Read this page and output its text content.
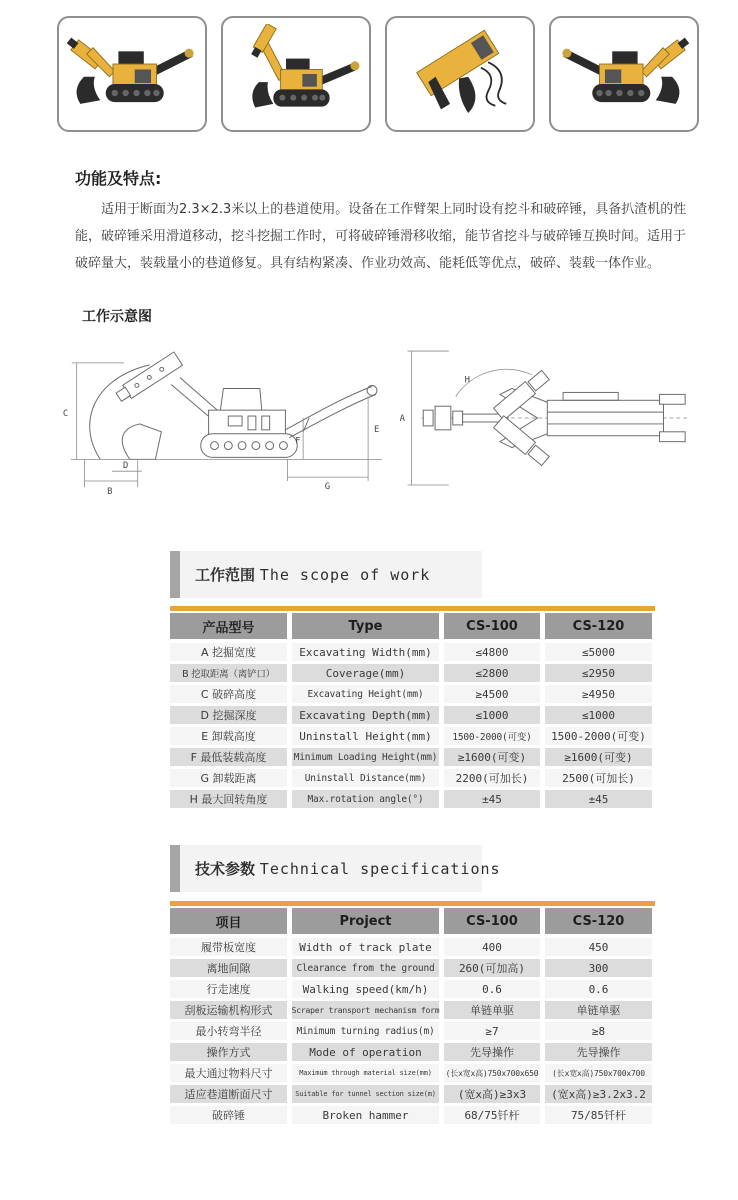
功能及特点:
适用于断面为2.3×2.3米以上的巷道使用。设备在工作臂架上同时设有挖斗和破碎锤，具备扒渣机的性能，破碎锤采用滑道移动，挖斗挖掘工作时，可将破碎锤滑移收缩，能节省挖斗与破碎锤互换时间。适用于破碎量大，装载量小的巷道修复。具有结构紧凑、作业功效高、能耗低等优点，破碎、装载一体作业。
工作示意图
C
B
D
F
E
G
A
H
工作范围 The scope of work
产品型号	Type	CS-100	CS-120
A 挖掘宽度	Excavating Width(mm)	≤4800	≤5000
B 挖取距离（离铲口）	Coverage(mm)	≤2800	≤2950
C 破碎高度	Excavating Height(mm)	≥4500	≥4950
D 挖掘深度	Excavating Depth(mm)	≤1000	≤1000
E 卸载高度	Uninstall Height(mm)	1500-2000(可变)	1500-2000(可变)
F 最低装载高度	Minimum Loading Height(mm)	≥1600(可变)	≥1600(可变)
G 卸载距离	Uninstall Distance(mm)	2200(可加长)	2500(可加长)
H 最大回转角度	Max.rotation angle(°)	±45	±45
技术参数 Technical specifications
项目	Project	CS-100	CS-120
履带板宽度	Width of track plate	400	450
离地间隙	Clearance from the ground	260(可加高)	300
行走速度	Walking speed(km/h)	0.6	0.6
刮板运输机构形式	Scraper transport mechanism form	单链单驱	单链单驱
最小转弯半径	Minimum turning radius(m)	≥7	≥8
操作方式	Mode of operation	先导操作	先导操作
最大通过物料尺寸	Maximum through material size(mm)	(长x宽x高)750x700x650	(长x宽x高)750x700x700
适应巷道断面尺寸	Suitable for tunnel section size(m)	(宽x高)≥3x3	(宽x高)≥3.2x3.2
破碎锤	Broken hammer	68/75钎杆	75/85钎杆
